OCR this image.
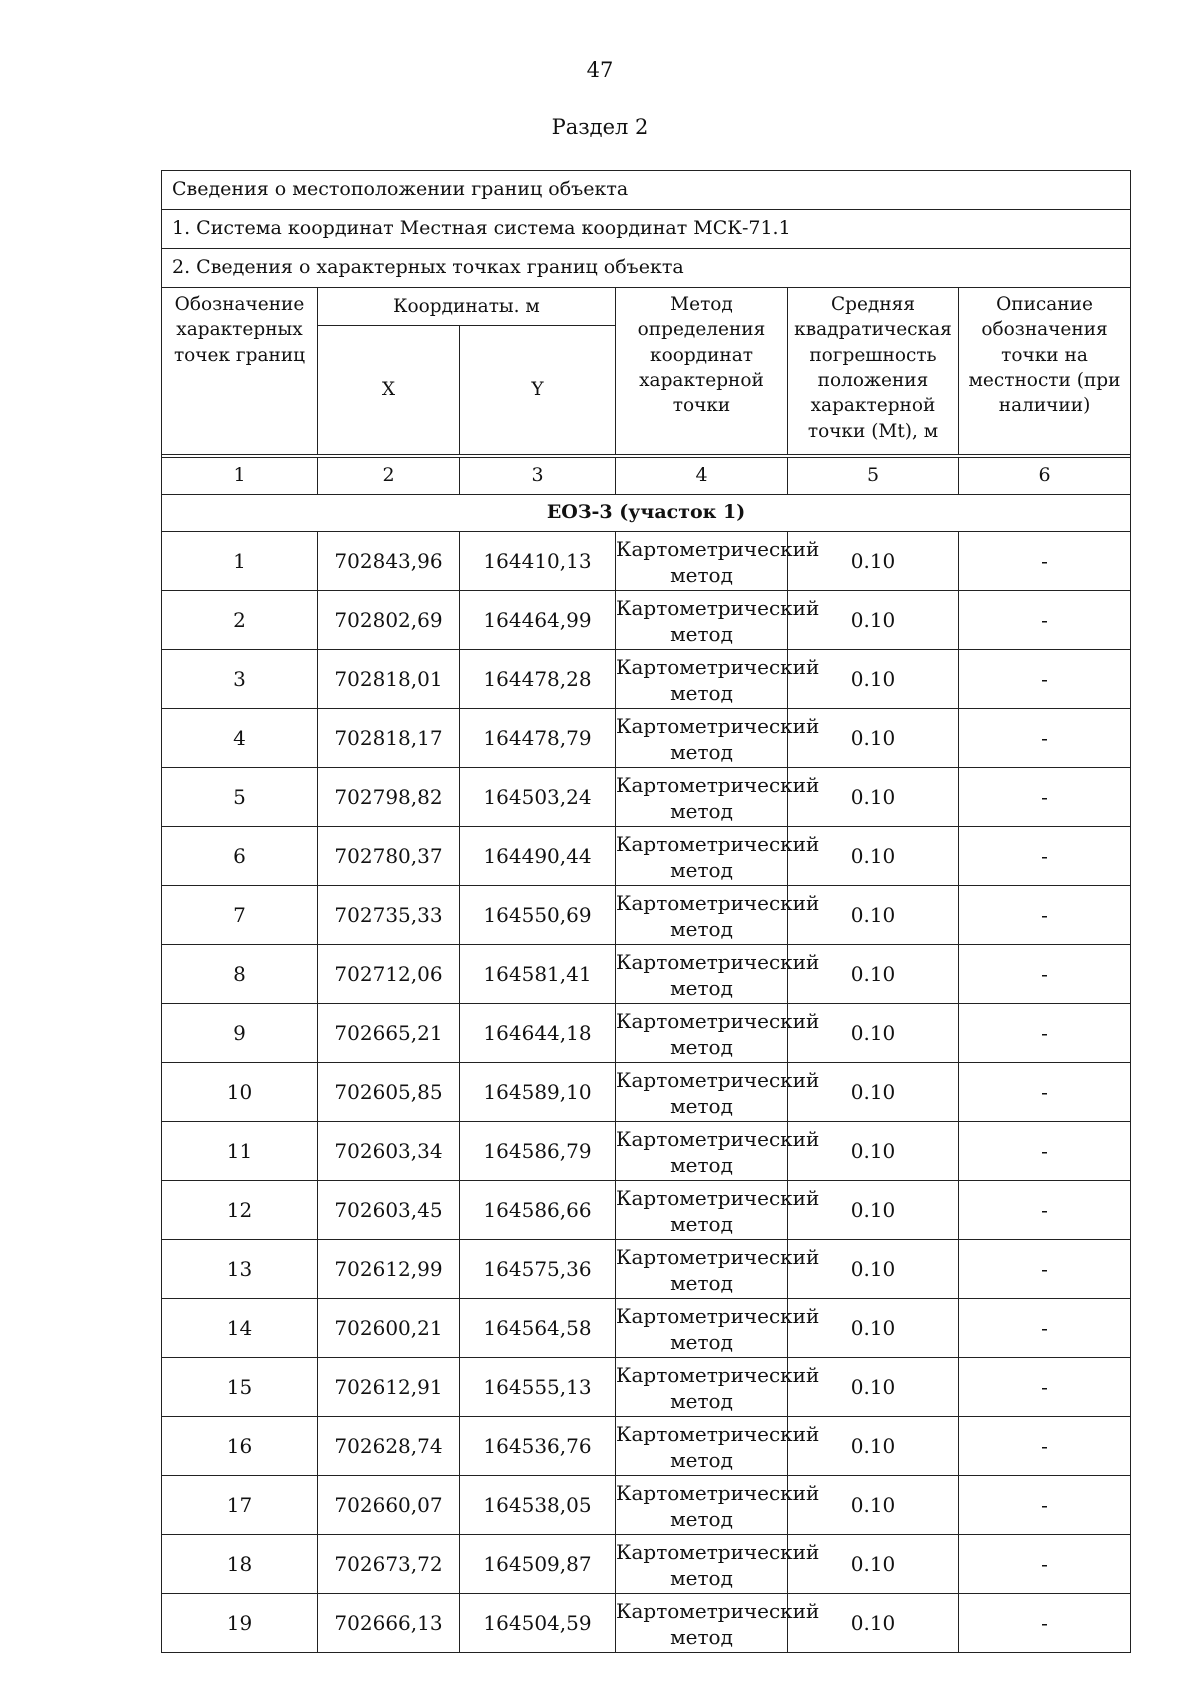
47
Раздел 2
Сведения о местоположении границ объекта					
1. Система координат Местная система координат МСК-71.1					
2. Сведения о характерных точках границ объекта					
Обозначение характерных точек границ	Координаты. м		Метод определения координат характерной точки	Средняя квадратическая погрешность положения характерной точки (Mt), м	Описание обозначения точки на местности (при наличии)
	X	Y			

1	2	3	4	5	6
ЕОЗ-3 (участок 1)					
1	702843,96	164410,13	Картометрический метод	0.10	-
2	702802,69	164464,99	Картометрический метод	0.10	-
3	702818,01	164478,28	Картометрический метод	0.10	-
4	702818,17	164478,79	Картометрический метод	0.10	-
5	702798,82	164503,24	Картометрический метод	0.10	-
6	702780,37	164490,44	Картометрический метод	0.10	-
7	702735,33	164550,69	Картометрический метод	0.10	-
8	702712,06	164581,41	Картометрический метод	0.10	-
9	702665,21	164644,18	Картометрический метод	0.10	-
10	702605,85	164589,10	Картометрический метод	0.10	-
11	702603,34	164586,79	Картометрический метод	0.10	-
12	702603,45	164586,66	Картометрический метод	0.10	-
13	702612,99	164575,36	Картометрический метод	0.10	-
14	702600,21	164564,58	Картометрический метод	0.10	-
15	702612,91	164555,13	Картометрический метод	0.10	-
16	702628,74	164536,76	Картометрический метод	0.10	-
17	702660,07	164538,05	Картометрический метод	0.10	-
18	702673,72	164509,87	Картометрический метод	0.10	-
19	702666,13	164504,59	Картометрический метод	0.10	-
